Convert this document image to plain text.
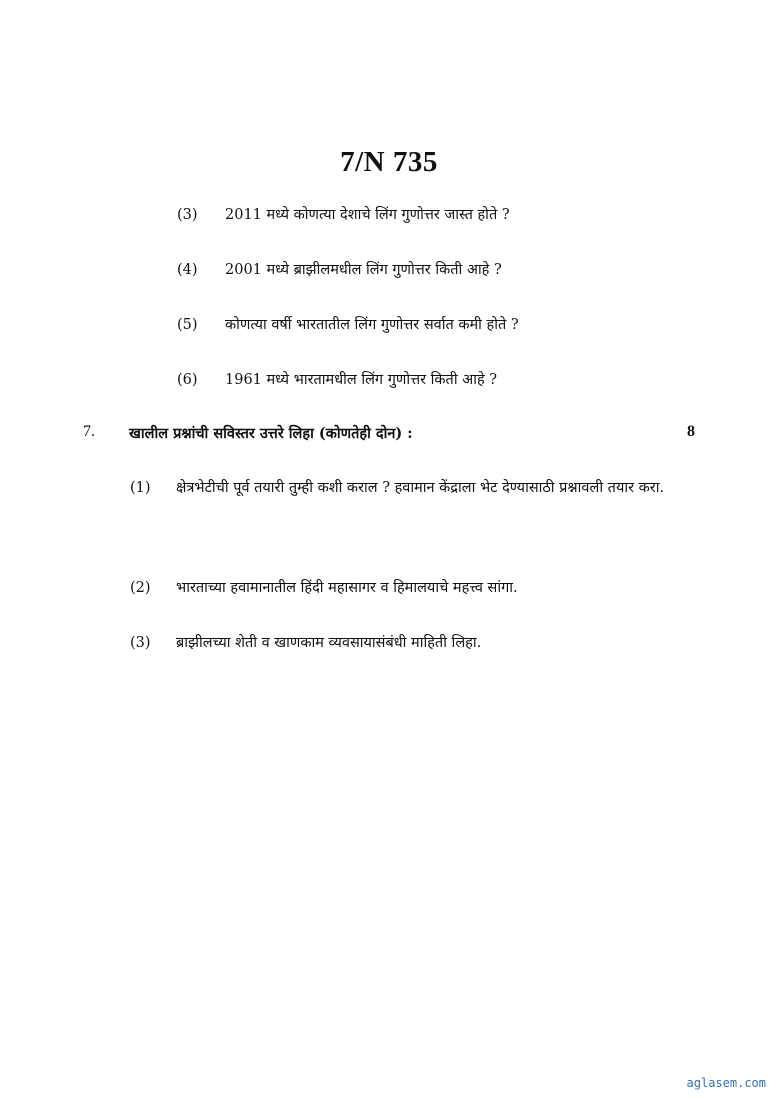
7/N 735
(3) 2011 मध्ये कोणत्या देशाचे लिंग गुणोत्तर जास्त होते ?
(4) 2001 मध्ये ब्राझीलमधील लिंग गुणोत्तर किती आहे ?
(5) कोणत्या वर्षी भारतातील लिंग गुणोत्तर सर्वात कमी होते ?
(6) 1961 मध्ये भारतामधील लिंग गुणोत्तर किती आहे ?
7. खालील प्रश्नांची सविस्तर उत्तरे लिहा (कोणतेही दोन) :	8
(1) क्षेत्रभेटीची पूर्व तयारी तुम्ही कशी कराल ? हवामान केंद्राला भेट देण्यासाठी प्रश्नावली तयार करा.
(2) भारताच्या हवामानातील हिंदी महासागर व हिमालयाचे महत्त्व सांगा.
(3) ब्राझीलच्या शेती व खाणकाम व्यवसायासंबंधी माहिती लिहा.
aglasem.com
